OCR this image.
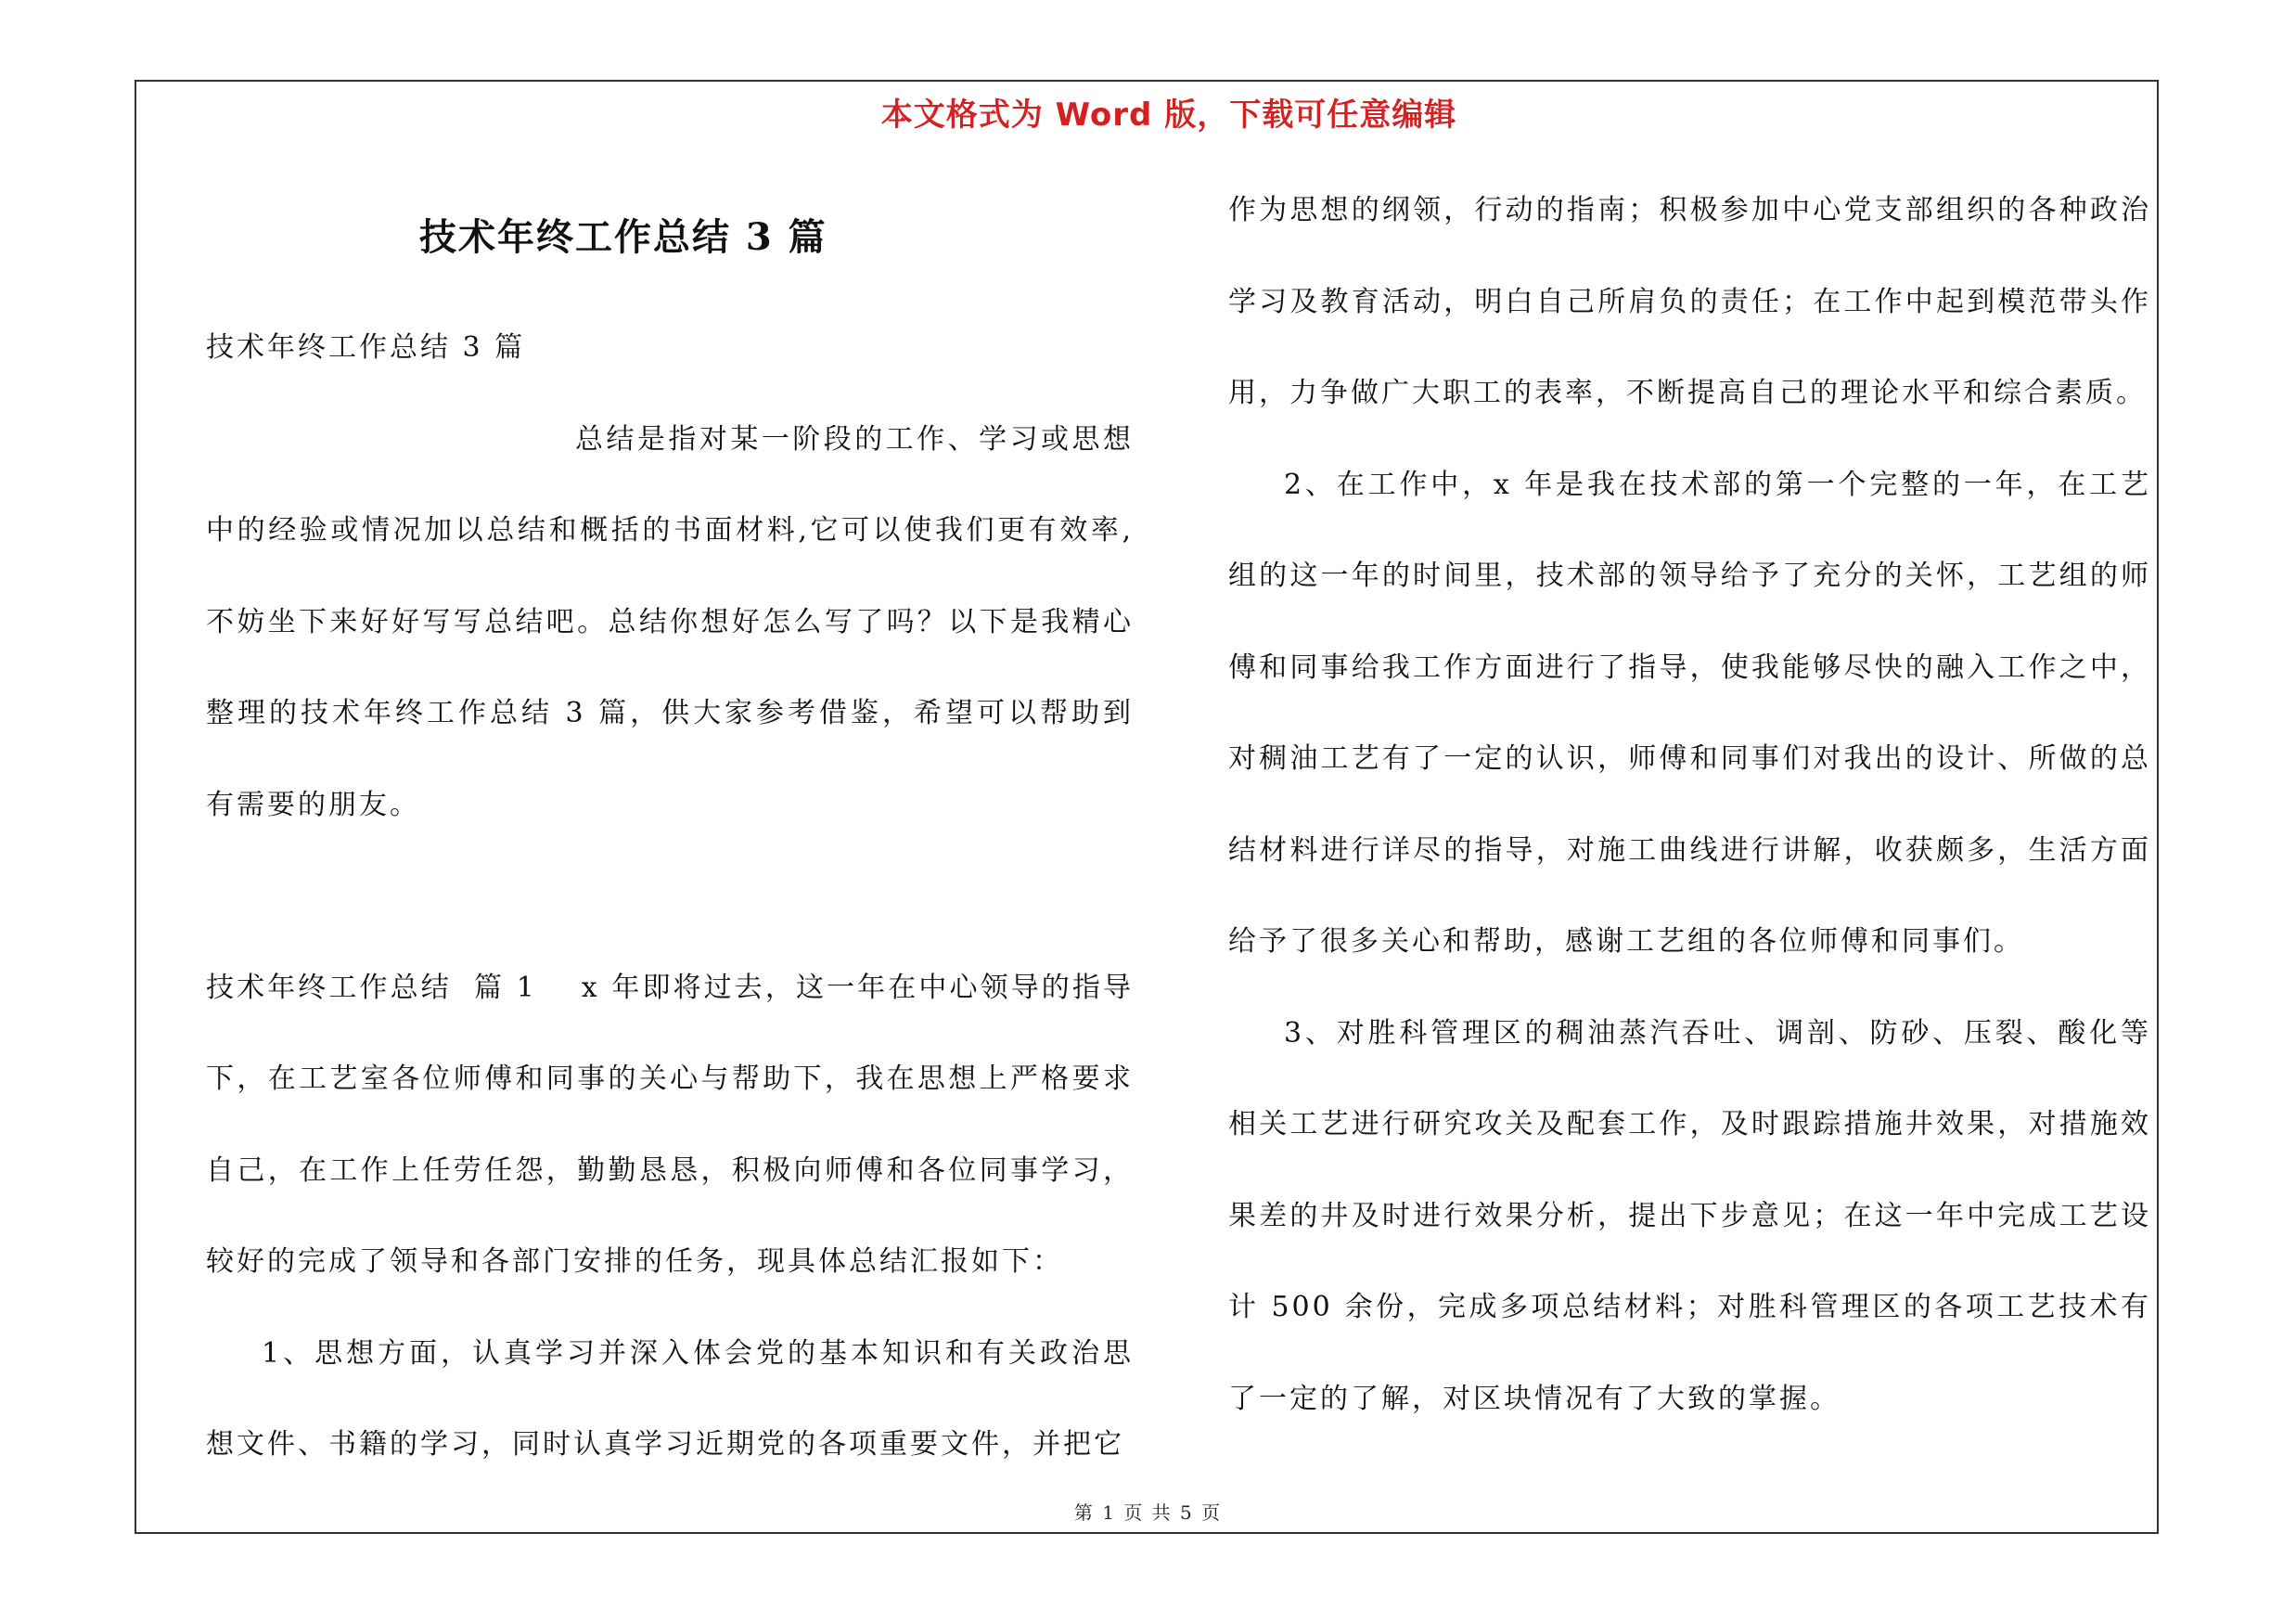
本文格式为 Word 版，下载可任意编辑
技术年终工作总结 3 篇

技术年终工作总结 3 篇

总结是指对某一阶段的工作、学习或思想中的经验或情况加以总结和概括的书面材料,它可以使我们更有效率,不妨坐下来好好写写总结吧。总结你想好怎么写了吗？以下是我精心整理的技术年终工作总结 3 篇，供大家参考借鉴，希望可以帮助到有需要的朋友。

技术年终工作总结 篇 1 x 年即将过去，这一年在中心领导的指导下，在工艺室各位师傅和同事的关心与帮助下，我在思想上严格要求自己，在工作上任劳任怨，勤勤恳恳，积极向师傅和各位同事学习，较好的完成了领导和各部门安排的任务，现具体总结汇报如下：

1、思想方面，认真学习并深入体会党的基本知识和有关政治思想文件、书籍的学习，同时认真学习近期党的各项重要文件，并把它

作为思想的纲领，行动的指南；积极参加中心党支部组织的各种政治学习及教育活动，明白自己所肩负的责任；在工作中起到模范带头作用，力争做广大职工的表率，不断提高自己的理论水平和综合素质。

2、在工作中，x 年是我在技术部的第一个完整的一年，在工艺组的这一年的时间里，技术部的领导给予了充分的关怀，工艺组的师傅和同事给我工作方面进行了指导，使我能够尽快的融入工作之中，对稠油工艺有了一定的认识，师傅和同事们对我出的设计、所做的总结材料进行详尽的指导，对施工曲线进行讲解，收获颇多，生活方面给予了很多关心和帮助，感谢工艺组的各位师傅和同事们。

3、对胜科管理区的稠油蒸汽吞吐、调剖、防砂、压裂、酸化等相关工艺进行研究攻关及配套工作，及时跟踪措施井效果，对措施效果差的井及时进行效果分析，提出下步意见；在这一年中完成工艺设计 500 余份，完成多项总结材料；对胜科管理区的各项工艺技术有了一定的了解，对区块情况有了大致的掌握。

第 1 页 共 5 页
